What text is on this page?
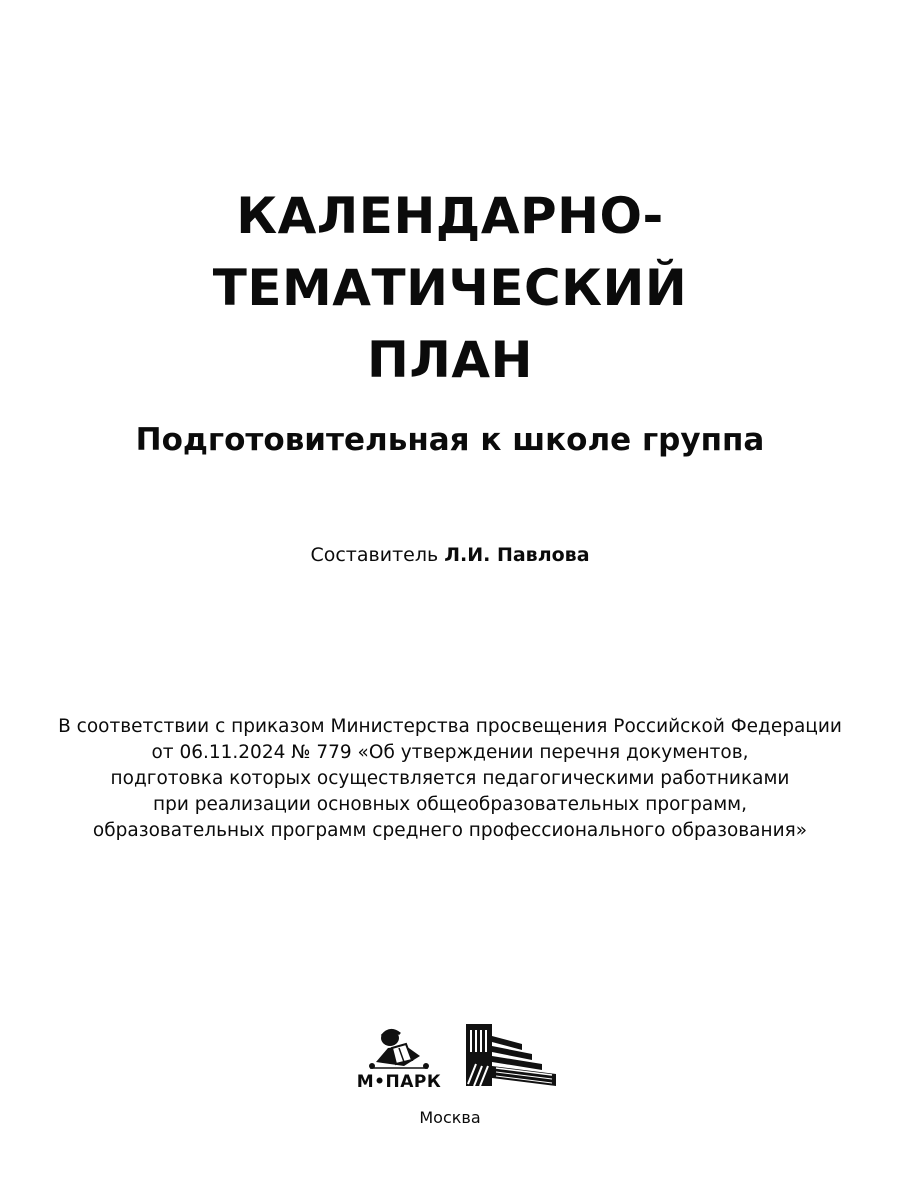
КАЛЕНДАРНО-
ТЕМАТИЧЕСКИЙ
ПЛАН
Подготовительная к школе группа
Составитель Л.И. Павлова
В соответствии с приказом Министерства просвещения Российской Федерации
от 06.11.2024 № 779 «Об утверждении перечня документов,
подготовка которых осуществляется педагогическими работниками
при реализации основных общеобразовательных программ,
образовательных программ среднего профессионального образования»
М•ПАРК
Москва
